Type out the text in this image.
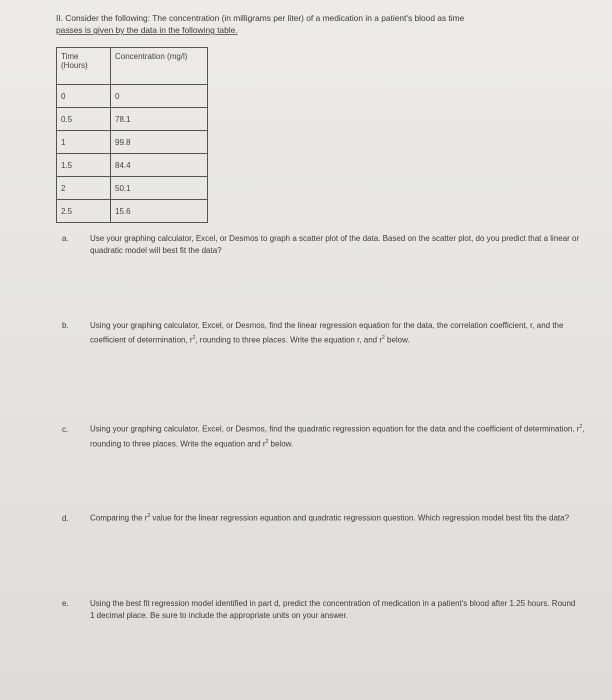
II. Consider the following: The concentration (in milligrams per liter) of a medication in a patient's blood as time
passes is given by the data in the following table.
Time (Hours)	Concentration (mg/l)
0	0
0.5	78.1
1	99.8
1.5	84.4
2	50.1
2.5	15.6
a.	Use your graphing calculator, Excel, or Desmos to graph a scatter plot of the data. Based on the scatter plot, do you predict that a linear or quadratic model will best fit the data?
b.	Using your graphing calculator, Excel, or Desmos, find the linear regression equation for the data, the correlation coefficient, r, and the coefficient of determination, $r^2$, rounding to three places. Write the equation r, and $r^2$ below.
c.	Using your graphing calculator, Excel, or Desmos, find the quadratic regression equation for the data and the coefficient of determination, $r^2$, rounding to three places. Write the equation and $r^2$ below.
d.	Comparing the $r^2$ value for the linear regression equation and quadratic regression question. Which regression model best fits the data?
e.	Using the best fit regression model identified in part d, predict the concentration of medication in a patient's blood after 1.25 hours. Round 1 decimal place. Be sure to include the appropriate units on your answer.
